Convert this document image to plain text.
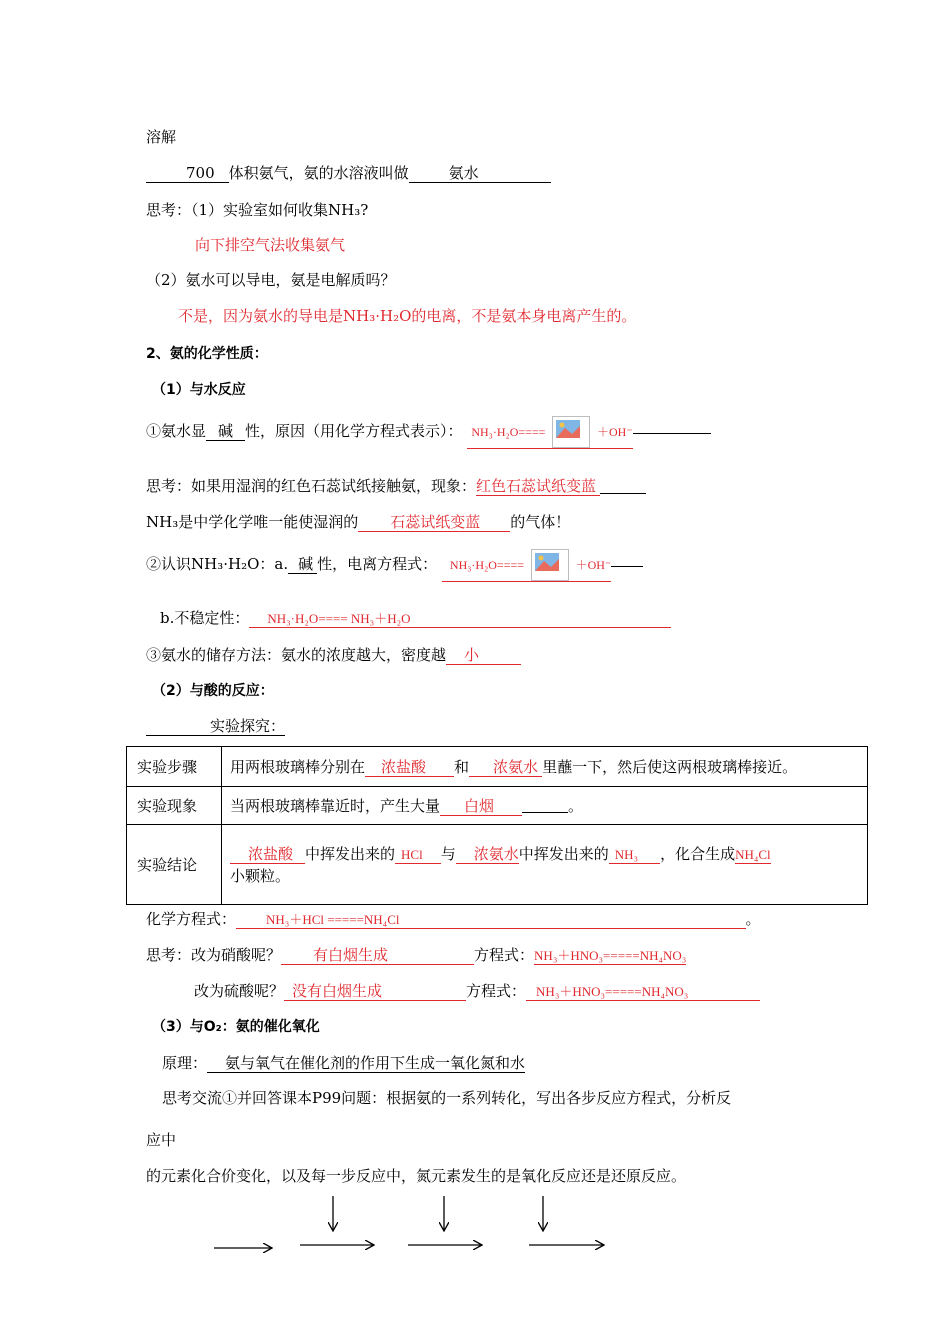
溶解
700 体积氨气，氨的水溶液叫做	氨水
思考：（1）实验室如何收集NH₃?
向下排空气法收集氨气
（2）氨水可以导电，氨是电解质吗？
不是，因为氨水的导电是NH₃·H₂O的电离，不是氨本身电离产生的。
2、氨的化学性质：
（1）与水反应
①氨水显 碱 性，原因（用化学方程式表示）： NH₃·H₂O====	＋OH⁻
思考：如果用湿润的红色石蕊试纸接触氨，现象：红色石蕊试纸变蓝
NH₃是中学化学唯一能使湿润的 石蕊试纸变蓝 的气体！
②认识NH₃·H₂O：a. 碱 性，电离方程式： NH₃·H₂O====	＋OH⁻
b.不稳定性： NH₃·H₂O==== NH₃＋H₂O
③氨水的储存方法：氨水的浓度越大，密度越 小
（2）与酸的反应：
实验探究：
实验步骤	用两根玻璃棒分别在 浓盐酸 和 浓氨水 里蘸一下，然后使这两根玻璃棒接近。
实验现象	当两根玻璃棒靠近时，产生大量 白烟 。
实验结论	浓盐酸 中挥发出来的 HCl 与 浓氨水中挥发出来的 NH₃ ，化合生成NH₄Cl
小颗粒。
化学方程式： NH₃＋HCl =====NH₄Cl	。
思考：改为硝酸呢？ 有白烟生成	方程式：NH₃＋HNO₃=====NH₄NO₃
改为硫酸呢？ 没有白烟生成	方程式： NH₃＋HNO₃=====NH₄NO₃
（3）与O₂：氨的催化氧化
原理： 氨与氧气在催化剂的作用下生成一氧化氮和水
思考交流①并回答课本P99问题：根据氨的一系列转化，写出各步反应方程式，分析反
应中
的元素化合价变化，以及每一步反应中，氮元素发生的是氧化反应还是还原反应。
